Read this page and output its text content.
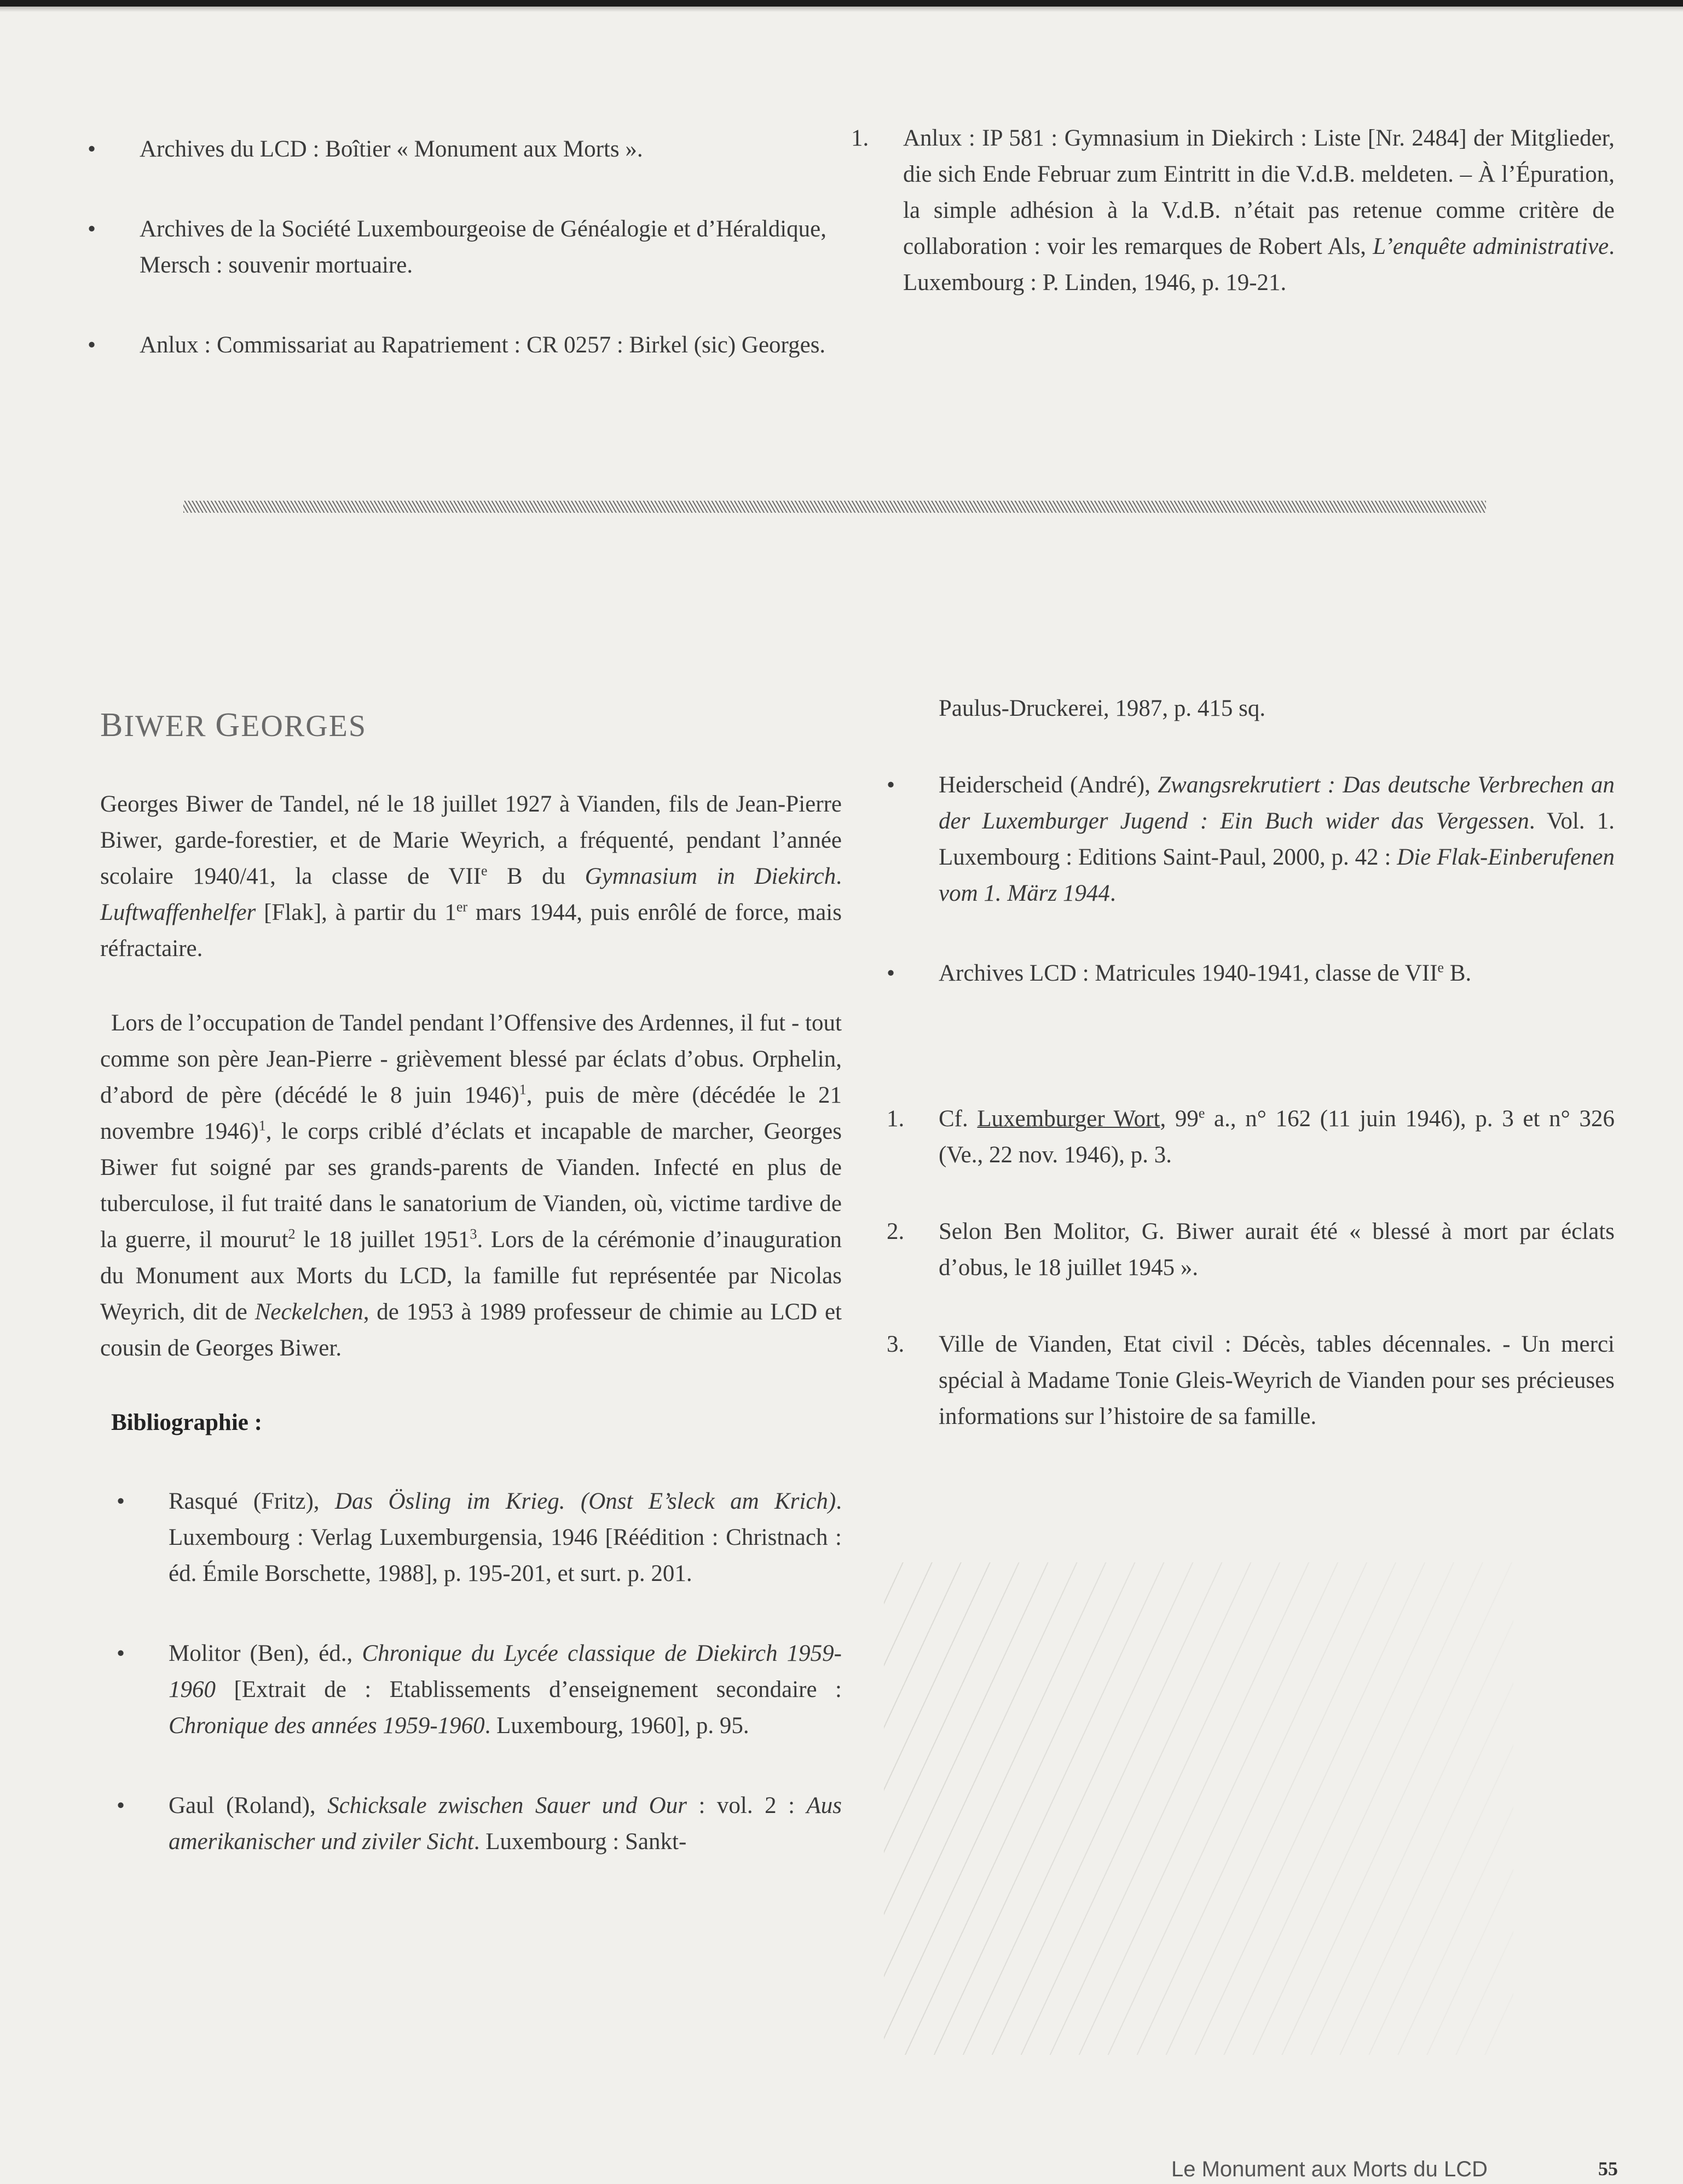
• Archives du LCD : Boîtier « Monument aux Morts ».

• Archives de la Société Luxembourgeoise de Généalogie et d’Héraldique, Mersch : souvenir mortuaire.

• Anlux : Commissariat au Rapatriement : CR 0257 : Birkel (sic) Georges.

1. Anlux : IP 581 : Gymnasium in Diekirch : Liste [Nr. 2484] der Mitglieder, die sich Ende Februar zum Eintritt in die V.d.B. meldeten. – À l’Épuration, la simple adhésion à la V.d.B. n’était pas retenue comme critère de collaboration : voir les remarques de Robert Als, L’enquête administrative. Luxembourg : P. Linden, 1946, p. 19-21.

BIWER GEORGES

Georges Biwer de Tandel, né le 18 juillet 1927 à Vianden, fils de Jean-Pierre Biwer, garde-forestier, et de Marie Weyrich, a fréquenté, pendant l’année scolaire 1940/41, la classe de VIIe B du Gymnasium in Diekirch. Luftwaffenhelfer [Flak], à partir du 1er mars 1944, puis enrôlé de force, mais réfractaire.

Lors de l’occupation de Tandel pendant l’Offensive des Ardennes, il fut - tout comme son père Jean-Pierre - grièvement blessé par éclats d’obus. Orphelin, d’abord de père (décédé le 8 juin 1946)$^1$, puis de mère (décédée le 21 novembre 1946)$^1$, le corps criblé d’éclats et incapable de marcher, Georges Biwer fut soigné par ses grands-parents de Vianden. Infecté en plus de tuberculose, il fut traité dans le sanatorium de Vianden, où, victime tardive de la guerre, il mourut$^2$ le 18 juillet 1951$^3$. Lors de la cérémonie d’inauguration du Monument aux Morts du LCD, la famille fut représentée par Nicolas Weyrich, dit de Neckelchen, de 1953 à 1989 professeur de chimie au LCD et cousin de Georges Biwer.

Bibliographie :

• Rasqué (Fritz), Das Ösling im Krieg. (Onst E’sleck am Krich). Luxembourg : Verlag Luxemburgensia, 1946 [Réédition : Christnach : éd. Émile Borschette, 1988], p. 195-201, et surt. p. 201.

• Molitor (Ben), éd., Chronique du Lycée classique de Diekirch 1959-1960 [Extrait de : Etablissements d’enseignement secondaire : Chronique des années 1959-1960. Luxembourg, 1960], p. 95.

• Gaul (Roland), Schicksale zwischen Sauer und Our : vol. 2 : Aus amerikanischer und ziviler Sicht. Luxembourg : Sankt-

Paulus-Druckerei, 1987, p. 415 sq.

• Heiderscheid (André), Zwangsrekrutiert : Das deutsche Verbrechen an der Luxemburger Jugend : Ein Buch wider das Vergessen. Vol. 1. Luxembourg : Editions Saint-Paul, 2000, p. 42 : Die Flak-Einberufenen vom 1. März 1944.

• Archives LCD : Matricules 1940-1941, classe de VIIe B.

1. Cf. Luxemburger Wort, 99e a., n° 162 (11 juin 1946), p. 3 et n° 326 (Ve., 22 nov. 1946), p. 3.

2. Selon Ben Molitor, G. Biwer aurait été « blessé à mort par éclats d’obus, le 18 juillet 1945 ».

3. Ville de Vianden, Etat civil : Décès, tables décennales. - Un merci spécial à Madame Tonie Gleis-Weyrich de Vianden pour ses précieuses informations sur l’histoire de sa famille.

Le Monument aux Morts du LCD	55
